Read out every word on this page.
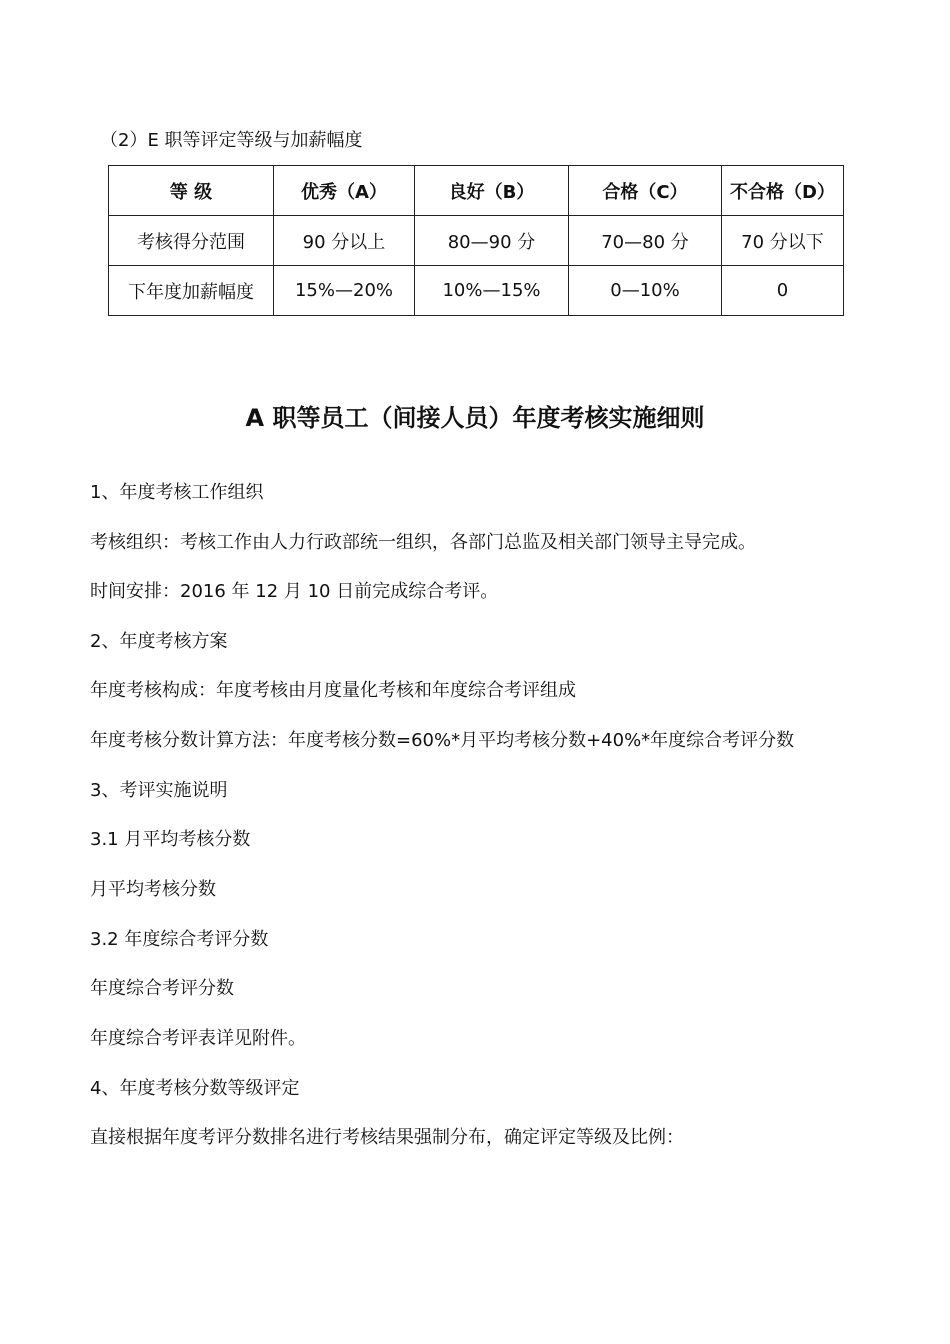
（2）E 职等评定等级与加薪幅度
等 级	优秀（A）	良好（B）	合格（C）	不合格（D）
考核得分范围	90 分以上	80—90 分	70—80 分	70 分以下
下年度加薪幅度	15%—20%	10%—15%	0—10%	0
A 职等员工（间接人员）年度考核实施细则
1、年度考核工作组织
考核组织：考核工作由人力行政部统一组织，各部门总监及相关部门领导主导完成。
时间安排：2016 年 12 月 10 日前完成综合考评。
2、年度考核方案
年度考核构成：年度考核由月度量化考核和年度综合考评组成
年度考核分数计算方法：年度考核分数=60%*月平均考核分数+40%*年度综合考评分数
3、考评实施说明
3.1 月平均考核分数
月平均考核分数
3.2 年度综合考评分数
年度综合考评分数
年度综合考评表详见附件。
4、年度考核分数等级评定
直接根据年度考评分数排名进行考核结果强制分布，确定评定等级及比例：
